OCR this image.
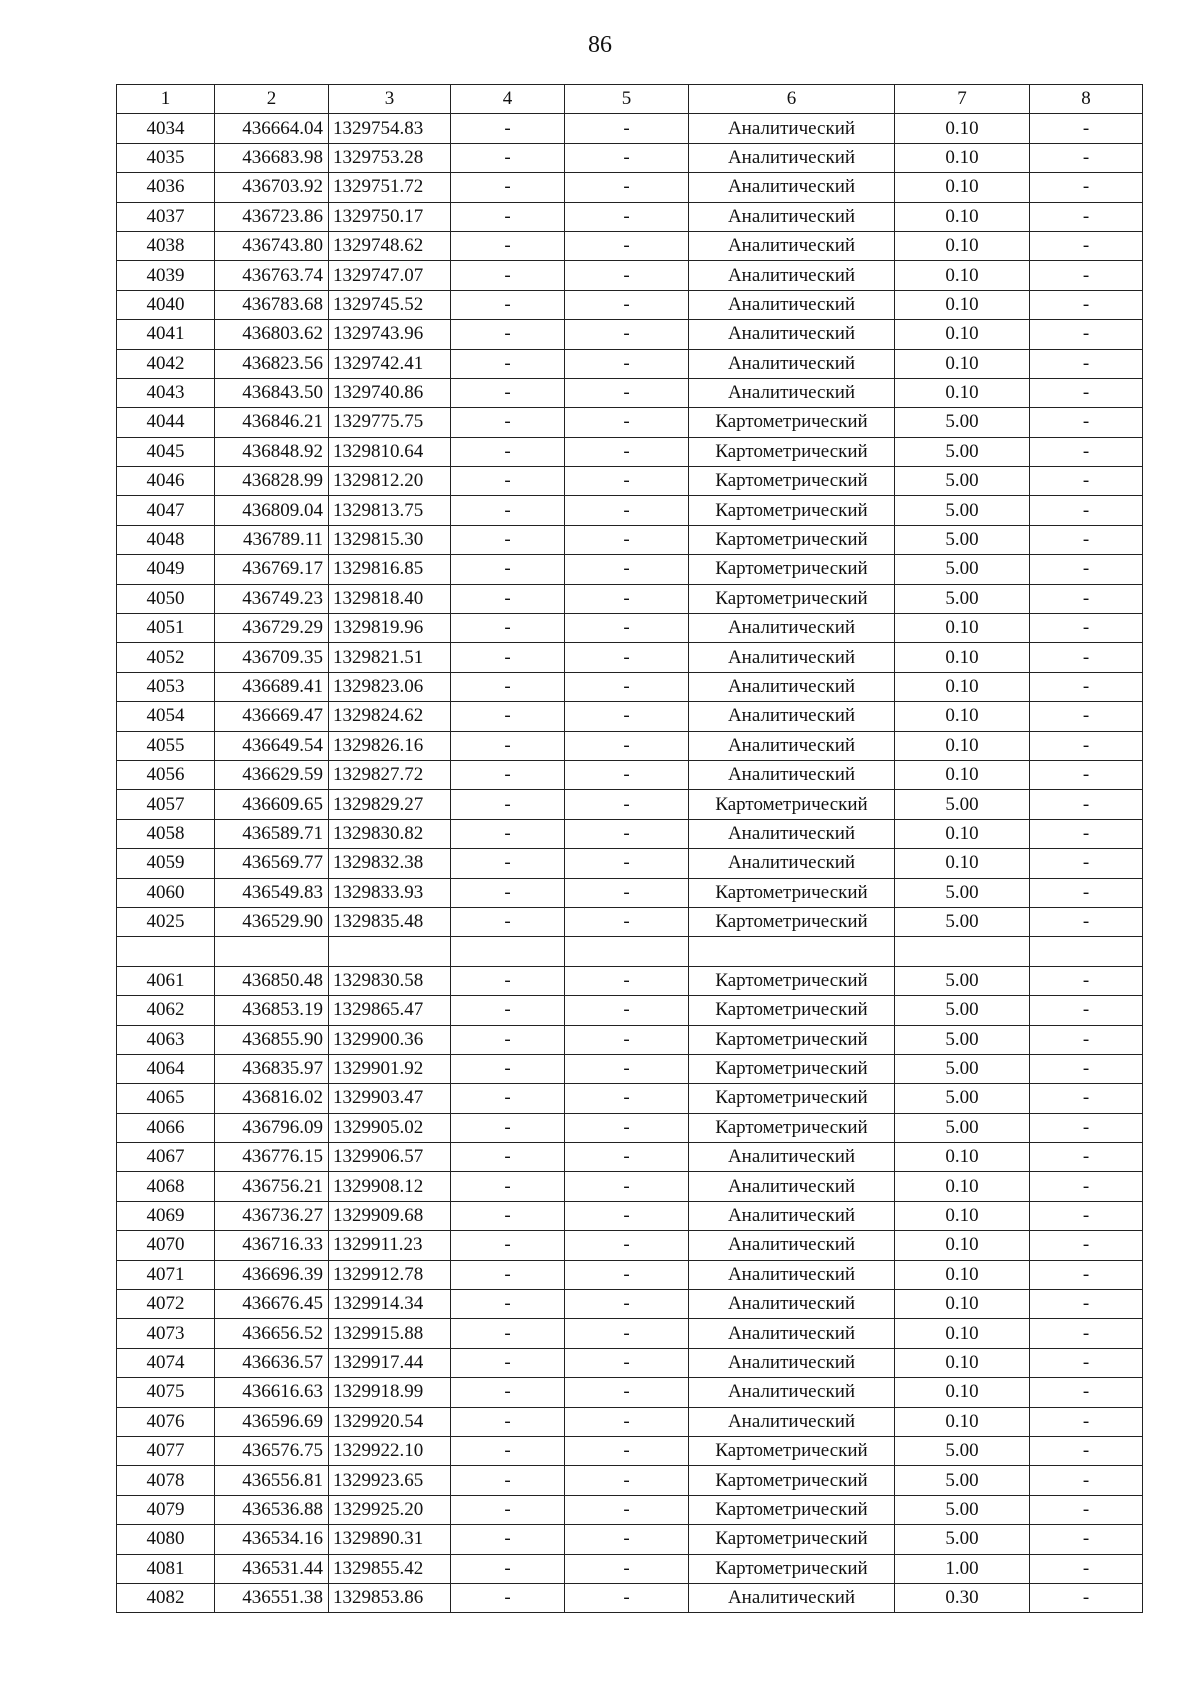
86
1	2	3	4	5	6	7	8
4034	436664.04	1329754.83	-	-	Аналитический	0.10	-
4035	436683.98	1329753.28	-	-	Аналитический	0.10	-
4036	436703.92	1329751.72	-	-	Аналитический	0.10	-
4037	436723.86	1329750.17	-	-	Аналитический	0.10	-
4038	436743.80	1329748.62	-	-	Аналитический	0.10	-
4039	436763.74	1329747.07	-	-	Аналитический	0.10	-
4040	436783.68	1329745.52	-	-	Аналитический	0.10	-
4041	436803.62	1329743.96	-	-	Аналитический	0.10	-
4042	436823.56	1329742.41	-	-	Аналитический	0.10	-
4043	436843.50	1329740.86	-	-	Аналитический	0.10	-
4044	436846.21	1329775.75	-	-	Картометрический	5.00	-
4045	436848.92	1329810.64	-	-	Картометрический	5.00	-
4046	436828.99	1329812.20	-	-	Картометрический	5.00	-
4047	436809.04	1329813.75	-	-	Картометрический	5.00	-
4048	436789.11	1329815.30	-	-	Картометрический	5.00	-
4049	436769.17	1329816.85	-	-	Картометрический	5.00	-
4050	436749.23	1329818.40	-	-	Картометрический	5.00	-
4051	436729.29	1329819.96	-	-	Аналитический	0.10	-
4052	436709.35	1329821.51	-	-	Аналитический	0.10	-
4053	436689.41	1329823.06	-	-	Аналитический	0.10	-
4054	436669.47	1329824.62	-	-	Аналитический	0.10	-
4055	436649.54	1329826.16	-	-	Аналитический	0.10	-
4056	436629.59	1329827.72	-	-	Аналитический	0.10	-
4057	436609.65	1329829.27	-	-	Картометрический	5.00	-
4058	436589.71	1329830.82	-	-	Аналитический	0.10	-
4059	436569.77	1329832.38	-	-	Аналитический	0.10	-
4060	436549.83	1329833.93	-	-	Картометрический	5.00	-
4025	436529.90	1329835.48	-	-	Картометрический	5.00	-

4061	436850.48	1329830.58	-	-	Картометрический	5.00	-
4062	436853.19	1329865.47	-	-	Картометрический	5.00	-
4063	436855.90	1329900.36	-	-	Картометрический	5.00	-
4064	436835.97	1329901.92	-	-	Картометрический	5.00	-
4065	436816.02	1329903.47	-	-	Картометрический	5.00	-
4066	436796.09	1329905.02	-	-	Картометрический	5.00	-
4067	436776.15	1329906.57	-	-	Аналитический	0.10	-
4068	436756.21	1329908.12	-	-	Аналитический	0.10	-
4069	436736.27	1329909.68	-	-	Аналитический	0.10	-
4070	436716.33	1329911.23	-	-	Аналитический	0.10	-
4071	436696.39	1329912.78	-	-	Аналитический	0.10	-
4072	436676.45	1329914.34	-	-	Аналитический	0.10	-
4073	436656.52	1329915.88	-	-	Аналитический	0.10	-
4074	436636.57	1329917.44	-	-	Аналитический	0.10	-
4075	436616.63	1329918.99	-	-	Аналитический	0.10	-
4076	436596.69	1329920.54	-	-	Аналитический	0.10	-
4077	436576.75	1329922.10	-	-	Картометрический	5.00	-
4078	436556.81	1329923.65	-	-	Картометрический	5.00	-
4079	436536.88	1329925.20	-	-	Картометрический	5.00	-
4080	436534.16	1329890.31	-	-	Картометрический	5.00	-
4081	436531.44	1329855.42	-	-	Картометрический	1.00	-
4082	436551.38	1329853.86	-	-	Аналитический	0.30	-
